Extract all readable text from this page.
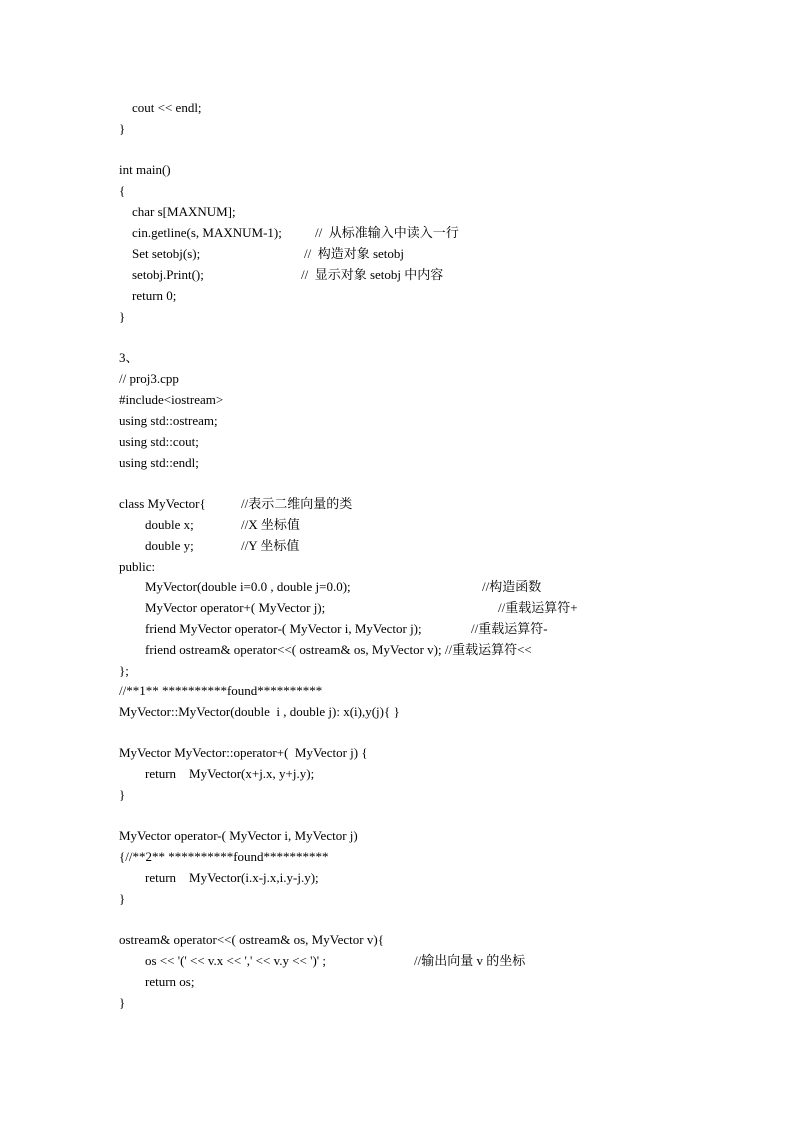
cout << endl;
}
int main()
{
char s[MAXNUM];
cin.getline(s, MAXNUM-1);	//  从标准输入中读入一行
Set setobj(s);	//  构造对象 setobj
setobj.Print();	//  显示对象 setobj 中内容
return 0;
}
3、
// proj3.cpp
#include<iostream>
using std::ostream;
using std::cout;
using std::endl;
class MyVector{	//表示二维向量的类
double x;	//X 坐标值
double y;	//Y 坐标值
public:
MyVector(double i=0.0 , double j=0.0);	//构造函数
MyVector operator+( MyVector j);	//重载运算符+
friend MyVector operator-( MyVector i, MyVector j);	//重载运算符-
friend ostream& operator<<( ostream& os, MyVector v); //重载运算符<<
};
//**1** **********found**********
MyVector::MyVector(double  i , double j): x(i),y(j){ }
MyVector MyVector::operator+(  MyVector j) {
return    MyVector(x+j.x, y+j.y);
}
MyVector operator-( MyVector i, MyVector j)
{//**2** **********found**********
return    MyVector(i.x-j.x,i.y-j.y);
}
ostream& operator<<( ostream& os, MyVector v){
os << '(' << v.x << ',' << v.y << ')' ;	//输出向量 v 的坐标
return os;
}
